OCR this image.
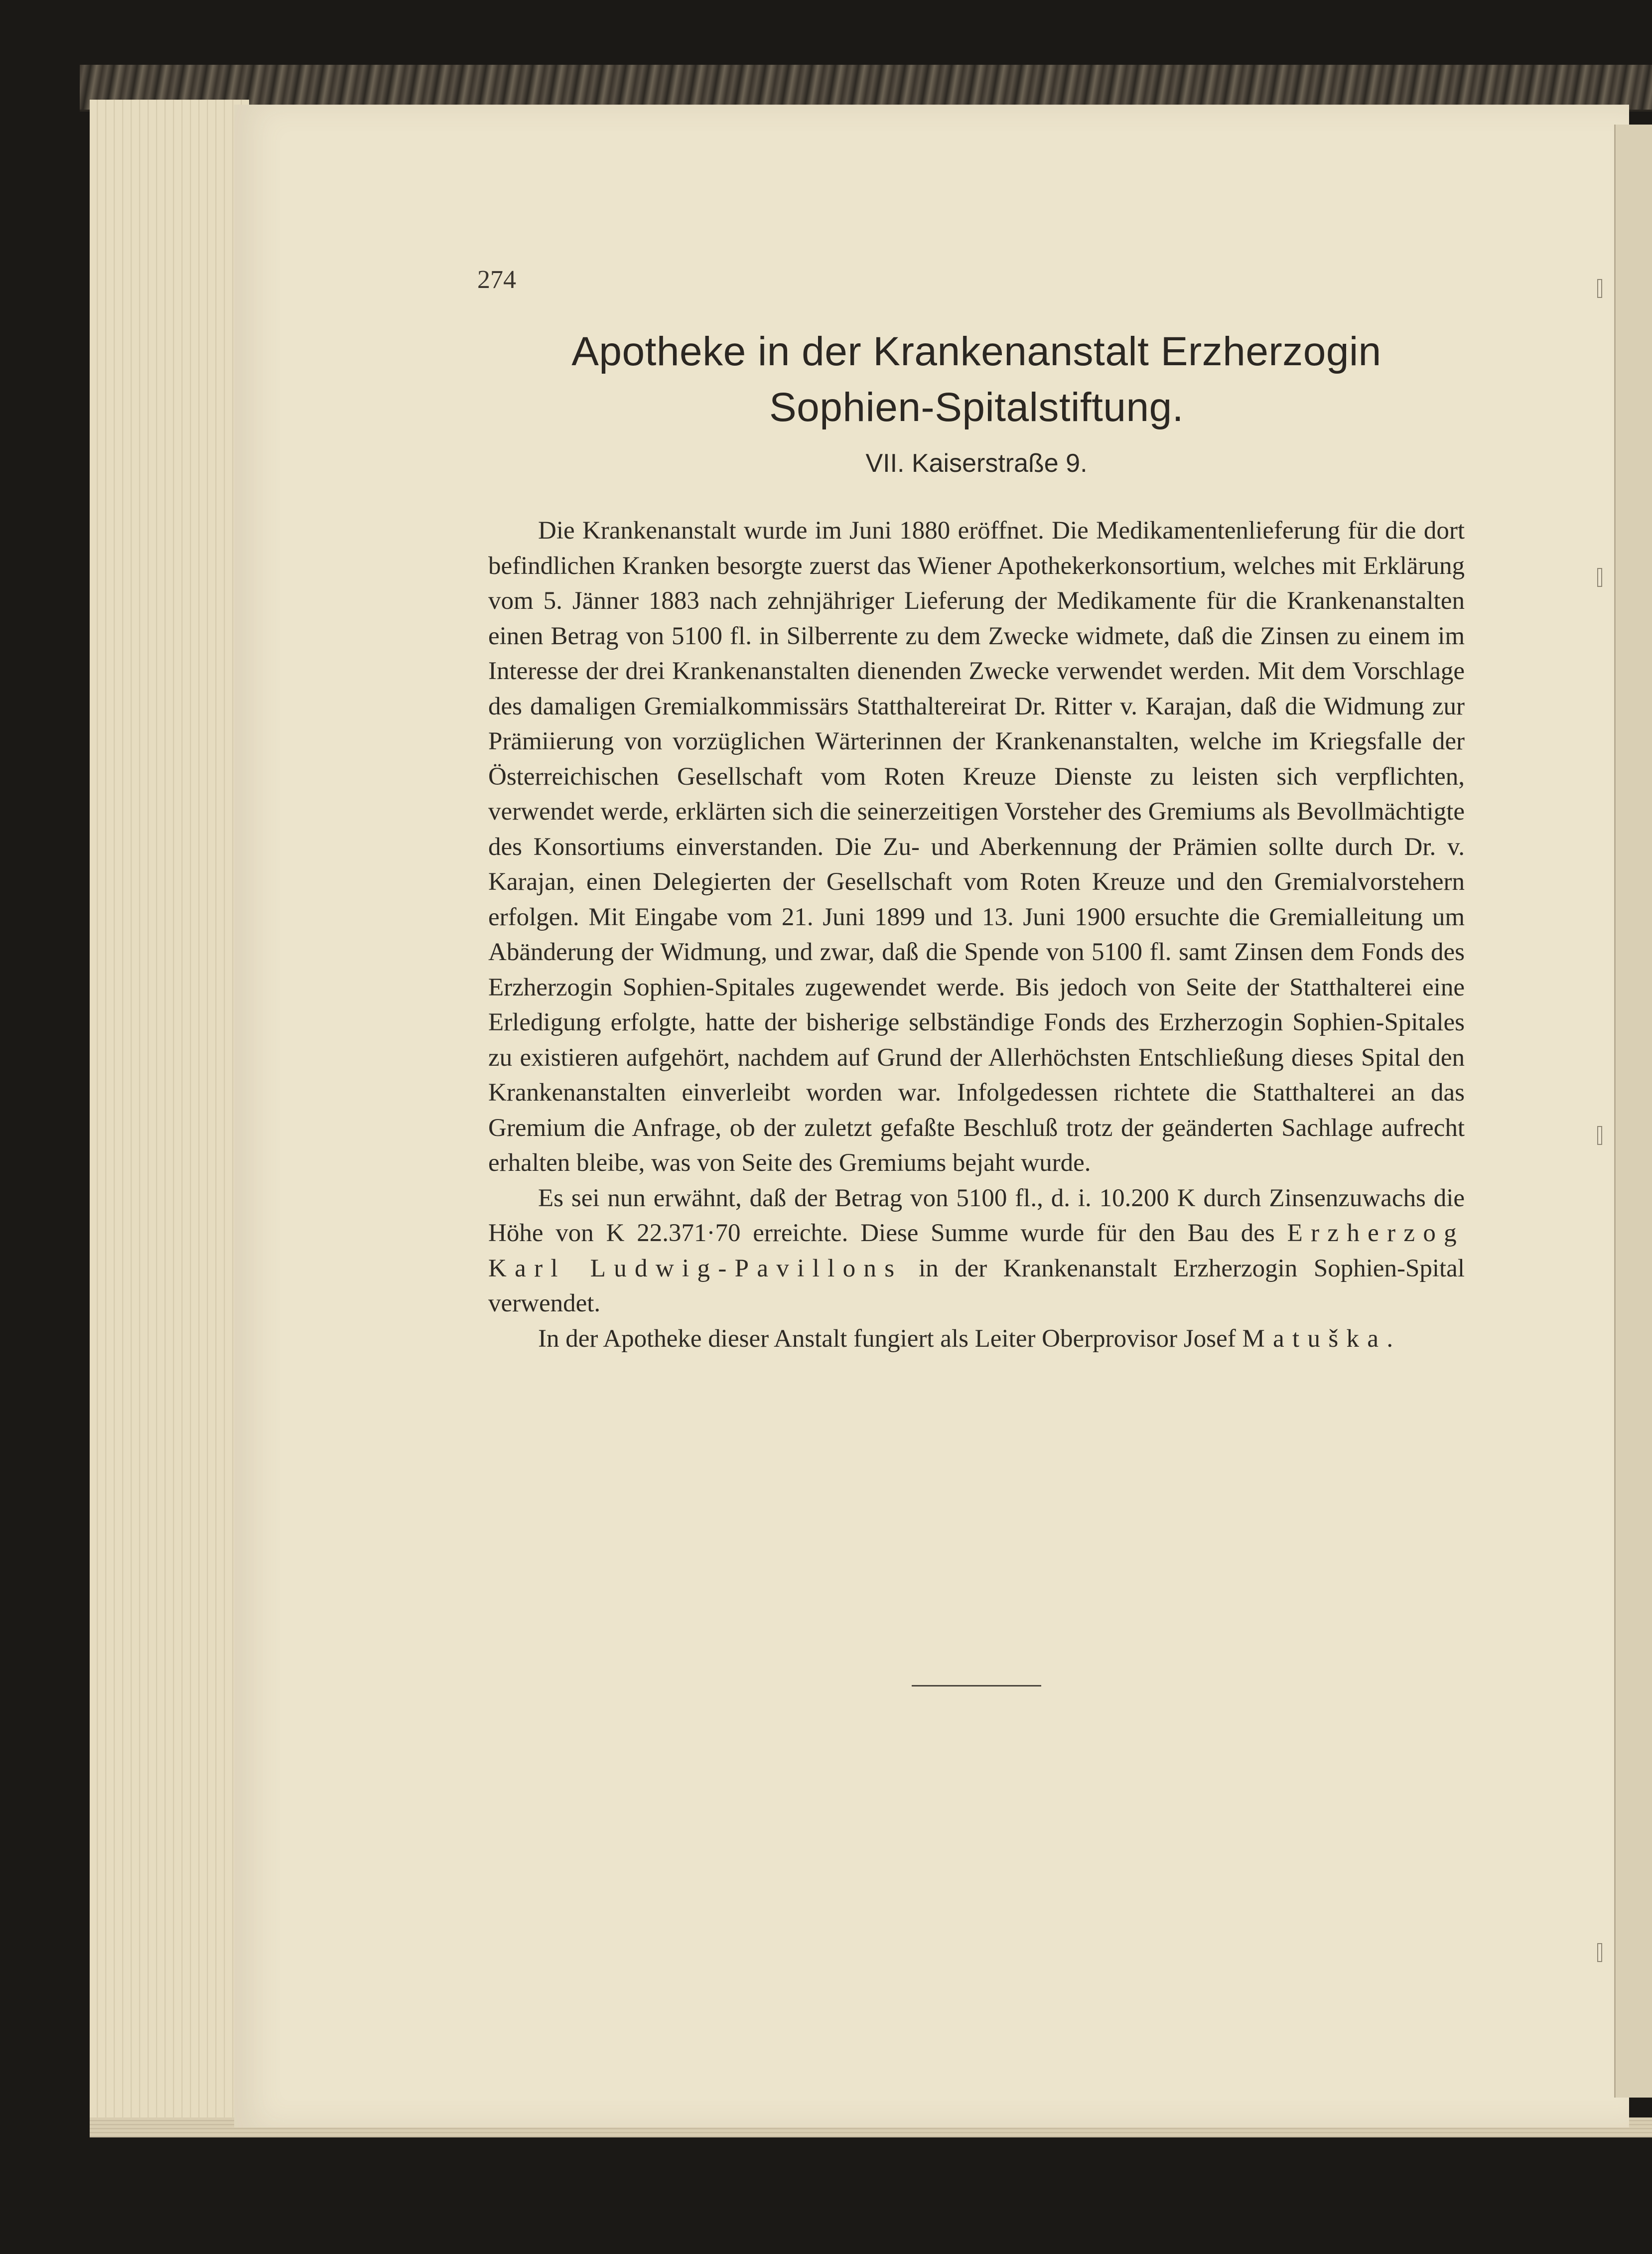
274
Apotheke in der Krankenanstalt Erzherzogin
Sophien-Spitalstiftung.
VII. Kaiserstraße 9.

Die Krankenanstalt wurde im Juni 1880 eröffnet. Die Medikamentenlieferung für die dort befindlichen Kranken besorgte zuerst das Wiener Apothekerkonsortium, welches mit Erklärung vom 5. Jänner 1883 nach zehnjähriger Lieferung der Medikamente für die Krankenanstalten einen Betrag von 5100 fl. in Silberrente zu dem Zwecke widmete, daß die Zinsen zu einem im Interesse der drei Krankenanstalten dienenden Zwecke verwendet werden. Mit dem Vorschlage des damaligen Gremialkommissärs Statthaltereirat Dr. Ritter v. Karajan, daß die Widmung zur Prämiierung von vorzüglichen Wärterinnen der Krankenanstalten, welche im Kriegsfalle der Österreichischen Gesellschaft vom Roten Kreuze Dienste zu leisten sich verpflichten, verwendet werde, erklärten sich die seinerzeitigen Vorsteher des Gremiums als Bevollmächtigte des Konsortiums einverstanden. Die Zu- und Aberkennung der Prämien sollte durch Dr. v. Karajan, einen Delegierten der Gesellschaft vom Roten Kreuze und den Gremialvorstehern erfolgen. Mit Eingabe vom 21. Juni 1899 und 13. Juni 1900 ersuchte die Gremialleitung um Abänderung der Widmung, und zwar, daß die Spende von 5100 fl. samt Zinsen dem Fonds des Erzherzogin Sophien-Spitales zugewendet werde. Bis jedoch von Seite der Statthalterei eine Erledigung erfolgte, hatte der bisherige selbständige Fonds des Erzherzogin Sophien-Spitales zu existieren aufgehört, nachdem auf Grund der Allerhöchsten Entschließung dieses Spital den Krankenanstalten einverleibt worden war. Infolgedessen richtete die Statthalterei an das Gremium die Anfrage, ob der zuletzt gefaßte Beschluß trotz der geänderten Sachlage aufrecht erhalten bleibe, was von Seite des Gremiums bejaht wurde.

Es sei nun erwähnt, daß der Betrag von 5100 fl., d. i. 10.200 K durch Zinsenzuwachs die Höhe von K 22.371·70 erreichte. Diese Summe wurde für den Bau des Erzherzog Karl Ludwig-Pavillons in der Krankenanstalt Erzherzogin Sophien-Spital verwendet.

In der Apotheke dieser Anstalt fungiert als Leiter Oberprovisor Josef Matuška.
